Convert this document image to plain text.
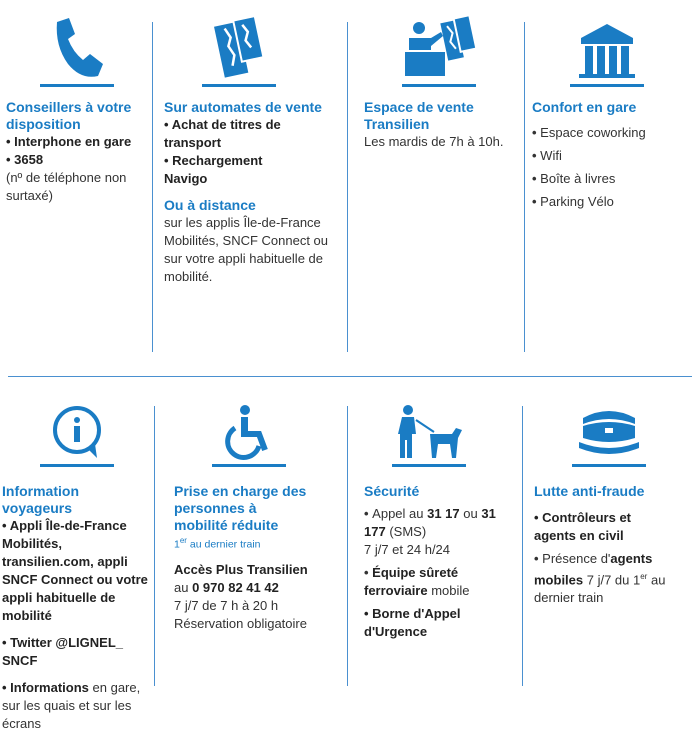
Conseillers à votre disposition

• Interphone en gare

• 3658

(nº de téléphone non surtaxé)

Sur automates de vente

• Achat de titres de transport

• Rechargement Navigo

Ou à distance

sur les applis Île-de-France Mobilités, SNCF Connect ou sur votre appli habituelle de mobilité.

Espace de vente Transilien

Les mardis de 7h à 10h.

Confort en gare

• Espace coworking

• Wifi

• Boîte à livres

• Parking Vélo

Information voyageurs

• Appli Île-de-France Mobilités, transilien.com, appli SNCF Connect ou votre appli habituelle de mobilité

• Twitter @LIGNEL_ SNCF

• Informations en gare, sur les quais et sur les écrans

Prise en charge des personnes à mobilité réduite

1er au dernier train

Accès Plus Transilien

au 0 970 82 41 42

7 j/7 de 7 h à 20 h

Réservation obligatoire

Sécurité

• Appel au 31 17 ou 31 177 (SMS)

7 j/7 et 24 h/24

• Équipe sûreté ferroviaire mobile

• Borne d'Appel d'Urgence

Lutte anti-fraude

• Contrôleurs et agents en civil

• Présence d'agents mobiles 7 j/7 du 1er au dernier train
